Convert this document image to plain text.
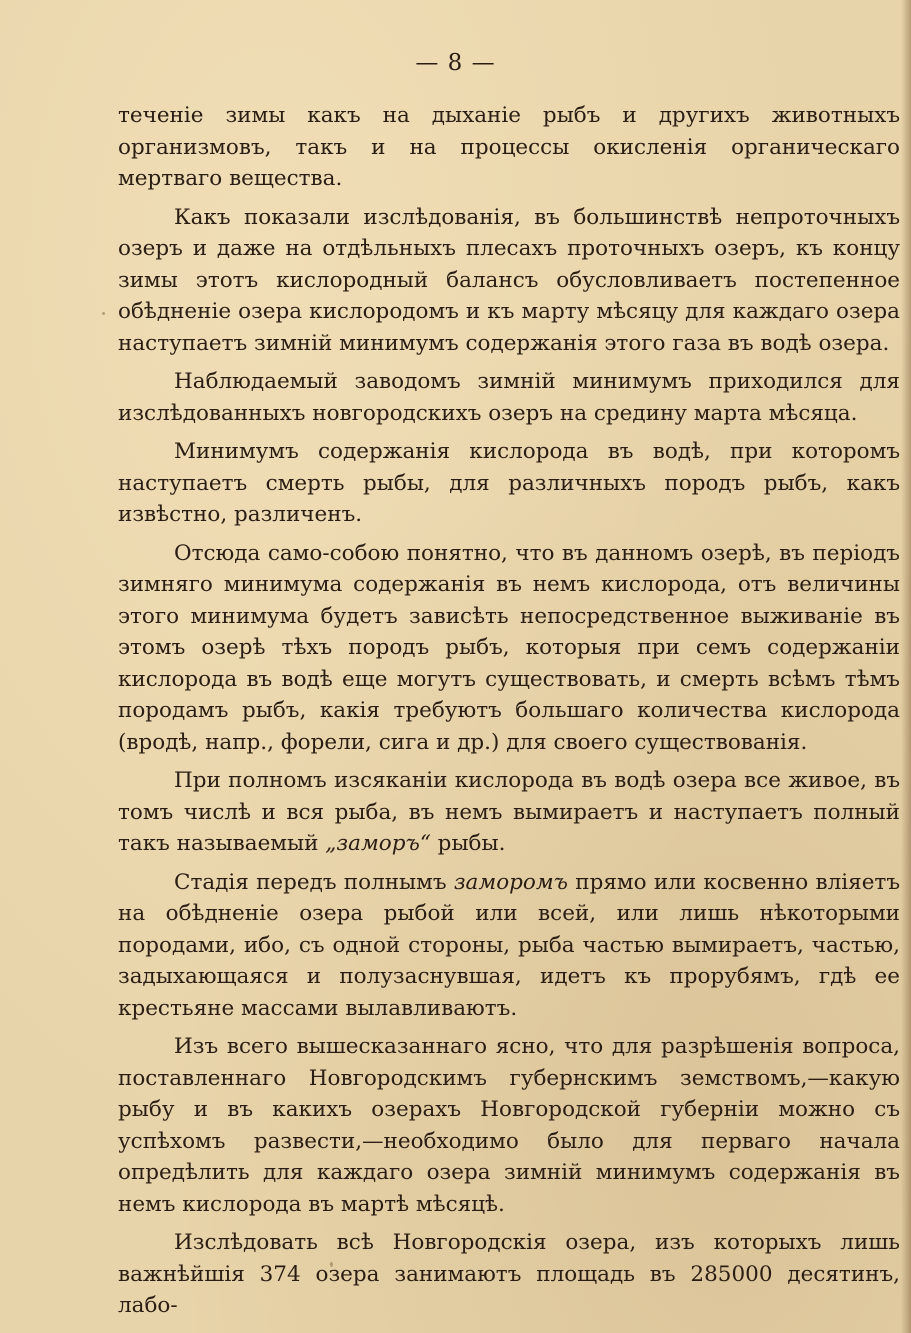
— 8 —

теченіе зимы какъ на дыханіе рыбъ и другихъ животныхъ организмовъ, такъ и на процессы окисленія органическаго мертваго вещества.

Какъ показали изслѣдованія, въ большинствѣ непроточныхъ озеръ и даже на отдѣльныхъ плесахъ проточныхъ озеръ, къ концу зимы этотъ кислородный балансъ обусловливаетъ постепенное обѣдненіе озера кислородомъ и къ марту мѣсяцу для каждаго озера наступаетъ зимній минимумъ содержанія этого газа въ водѣ озера.

Наблюдаемый заводомъ зимній минимумъ приходился для изслѣдованныхъ новгородскихъ озеръ на средину марта мѣсяца.

Минимумъ содержанія кислорода въ водѣ, при которомъ наступаетъ смерть рыбы, для различныхъ породъ рыбъ, какъ извѣстно, различенъ.

Отсюда само-собою понятно, что въ данномъ озерѣ, въ періодъ зимняго минимума содержанія въ немъ кислорода, отъ величины этого минимума будетъ зависѣть непосредственное выживаніе въ этомъ озерѣ тѣхъ породъ рыбъ, которыя при семъ содержаніи кислорода въ водѣ еще могутъ существовать, и смерть всѣмъ тѣмъ породамъ рыбъ, какія требуютъ большаго количества кислорода (вродѣ, напр., форели, сига и др.) для своего существованія.

При полномъ изсяканіи кислорода въ водѣ озера все живое, въ томъ числѣ и вся рыба, въ немъ вымираетъ и наступаетъ полный такъ называемый „заморъ“ рыбы.

Стадія передъ полнымъ заморомъ прямо или косвенно вліяетъ на обѣдненіе озера рыбой или всей, или лишь нѣкоторыми породами, ибо, съ одной стороны, рыба частью вымираетъ, частью, задыхающаяся и полузаснувшая, идетъ къ прорубямъ, гдѣ ее крестьяне массами вылавливаютъ.

Изъ всего вышесказаннаго ясно, что для разрѣшенія вопроса, поставленнаго Новгородскимъ губернскимъ земствомъ,—какую рыбу и въ какихъ озерахъ Новгородской губерніи можно съ успѣхомъ развести,—необходимо было для перваго начала опредѣлить для каждаго озера зимній минимумъ содержанія въ немъ кислорода въ мартѣ мѣсяцѣ.

Изслѣдовать всѣ Новгородскія озера, изъ которыхъ лишь важнѣйшія 374 озера занимаютъ площадь въ 285000 десятинъ, лабо-
